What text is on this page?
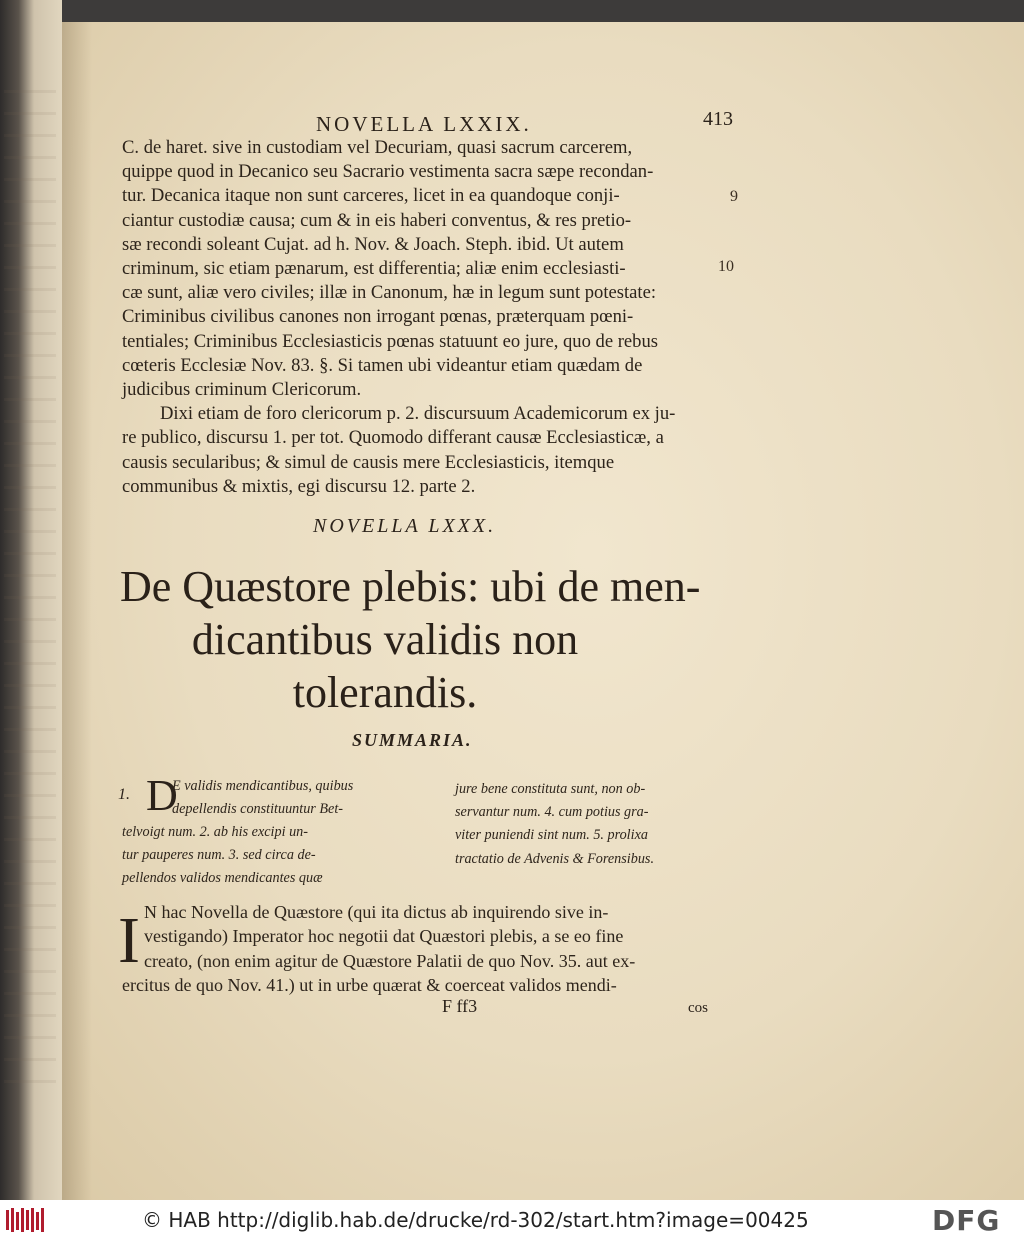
NOVELLA LXXIX.	413

C. de haret. sive in custodiam vel Decuriam, quasi sacrum carcerem,

quippe quod in Decanico seu Sacrario vestimenta sacra sæpe recondan-

tur. Decanica itaque non sunt carceres, licet in ea quandoque conji-

ciantur custodiæ causa; cum & in eis haberi conventus, & res pretio-

sæ recondi soleant Cujat. ad h. Nov. & Joach. Steph. ibid. Ut autem

criminum, sic etiam pænarum, est differentia; aliæ enim ecclesiasti-

cæ sunt, aliæ vero civiles; illæ in Canonum, hæ in legum sunt potestate:

Criminibus civilibus canones non irrogant pœnas, præterquam pœni-

tentiales; Criminibus Ecclesiasticis pœnas statuunt eo jure, quo de rebus

cœteris Ecclesiæ Nov. 83. §. Si tamen ubi videantur etiam quædam de

judicibus criminum Clericorum.

Dixi etiam de foro clericorum p. 2. discursuum Academicorum ex ju-

re publico, discursu 1. per tot. Quomodo differant causæ Ecclesiasticæ, a

causis secularibus; & simul de causis mere Ecclesiasticis, itemque

communibus & mixtis, egi discursu 12. parte 2.

9
10
NOVELLA LXXX.
De Quæstore plebis: ubi de men-
dicantibus validis non
tolerandis.
SUMMARIA.
1. D
E validis mendicantibus, quibus
depellendis constituuntur Bet-
telvoigt num. 2. ab his excipi un-
tur pauperes num. 3. sed circa de-
pellendos validos mendicantes quæ
jure bene constituta sunt, non ob-
servantur num. 4. cum potius gra-
viter puniendi sint num. 5. prolixa
tractatio de Advenis & Forensibus.
I N hac Novella de Quæstore (qui ita dictus ab inquirendo sive in-
vestigando) Imperator hoc negotii dat Quæstori plebis, a se eo fine
creato, (non enim agitur de Quæstore Palatii de quo Nov. 35. aut ex-
ercitus de quo Nov. 41.) ut in urbe quærat & coerceat validos mendi-
F ff3	cos
© HAB http://diglib.hab.de/drucke/rd-302/start.htm?image=00425	DFG
